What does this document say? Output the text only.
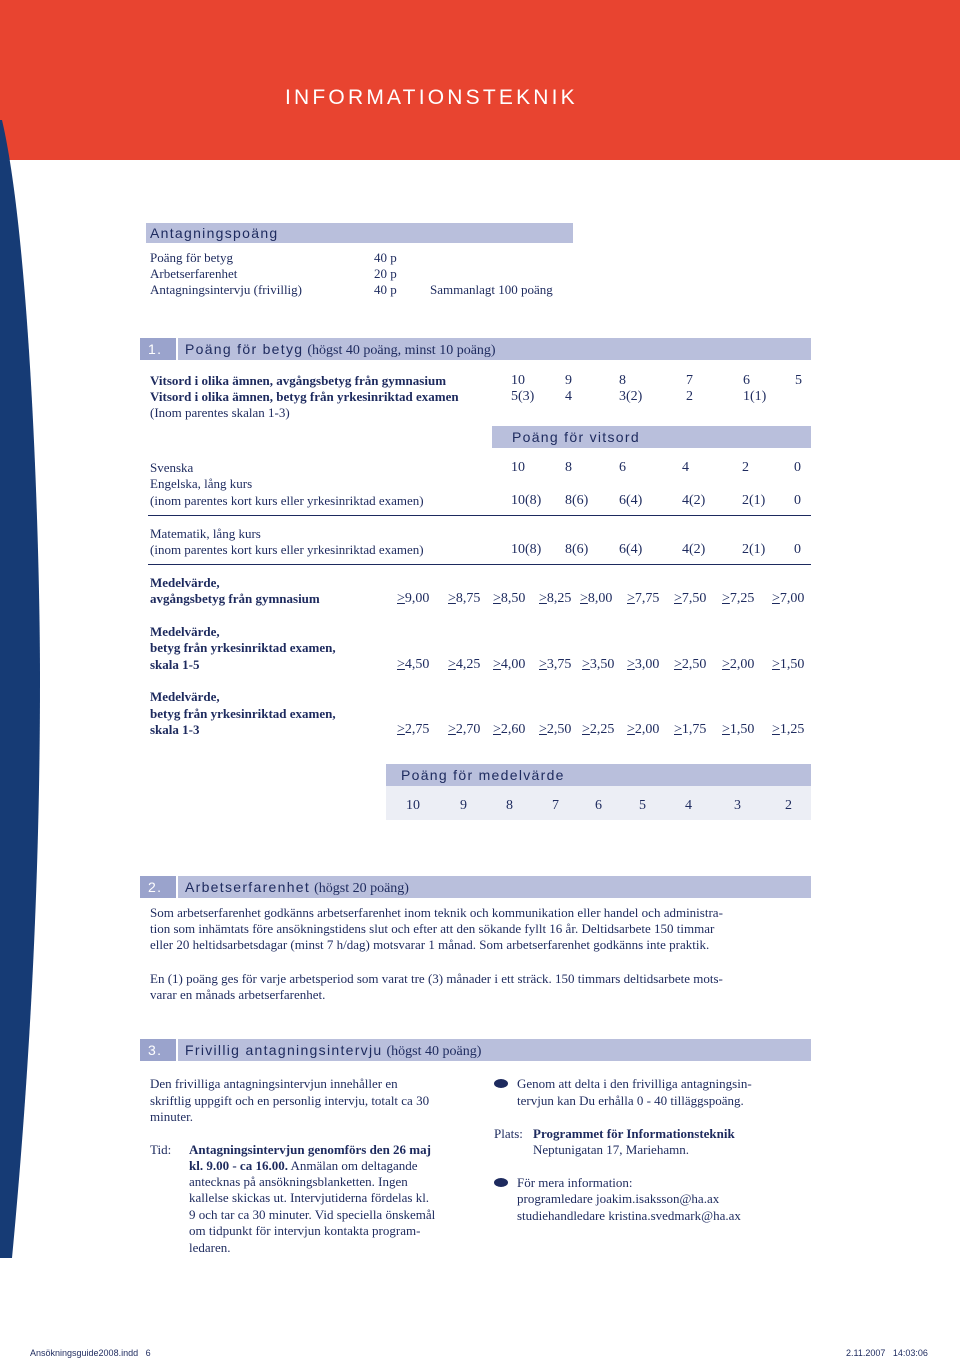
INFORMATIONSTEKNIK
6
Antagningspoäng
Poäng för betyg	40 p
Arbetserfarenhet	20 p
Antagningsintervju (frivillig)	40 p	Sammanlagt 100 poäng
1. Poäng för betyg (högst 40 poäng, minst 10 poäng)
Vitsord i olika ämnen, avgångsbetyg från gymnasium	10	9	8	7	6	5
Vitsord i olika ämnen, betyg från yrkesinriktad examen	5(3) 4	3(2)	2	1(1)
(Inom parentes skalan 1-3)
Poäng för vitsord
Svenska	10	8	6	4	2	0
Engelska, lång kurs
(inom parentes kort kurs eller yrkesinriktad examen)	10(8) 8(6) 6(4)	4(2)	2(1) 0
Matematik, lång kurs
(inom parentes kort kurs eller yrkesinriktad examen)	10(8) 8(6) 6(4)	4(2)	2(1) 0
Medelvärde,
avgångsbetyg från gymnasium	>9,00 >8,75 >8,50 >8,25 >8,00 >7,75 >7,50 >7,25 >7,00
Medelvärde,
betyg från yrkesinriktad examen,
skala 1-5	>4,50 >4,25 >4,00 >3,75 >3,50 >3,00 >2,50 >2,00 >1,50
Medelvärde,
betyg från yrkesinriktad examen,
skala 1-3	>2,75 >2,70 >2,60 >2,50 >2,25 >2,00 >1,75 >1,50 >1,25
Poäng för medelvärde
10	9	8	7	6	5	4	3	2
2. Arbetserfarenhet (högst 20 poäng)
Som arbetserfarenhet godkänns arbetserfarenhet inom teknik och kommunikation eller handel och administra-
tion som inhämtats före ansökningstidens slut och efter att den sökande fyllt 16 år. Deltidsarbete 150 timmar
eller 20 heltidsarbetsdagar (minst 7 h/dag) motsvarar 1 månad. Som arbetserfarenhet godkänns inte praktik.
En (1) poäng ges för varje arbetsperiod som varat tre (3) månader i ett sträck. 150 timmars deltidsarbete mots-
varar en månads arbetserfarenhet.
3. Frivillig antagningsintervju (högst 40 poäng)
Den frivilliga antagningsintervjun innehåller en
skriftlig uppgift och en personlig intervju, totalt ca 30
minuter.
Tid: Antagningsintervjun genomförs den 26 maj
kl. 9.00 - ca 16.00. Anmälan om deltagande
antecknas på ansökningsblanketten. Ingen
kallelse skickas ut. Intervjutiderna fördelas kl.
9 och tar ca 30 minuter. Vid speciella önskemål
om tidpunkt för intervjun kontakta program-
ledaren.
Genom att delta i den frivilliga antagningsin-
tervjun kan Du erhålla 0 - 40 tilläggspoäng.
Plats: Programmet för Informationsteknik
Neptunigatan 17, Mariehamn.
För mera information:
programledare joakim.isaksson@ha.ax
studiehandledare kristina.svedmark@ha.ax
Ansökningsguide2008.indd   6	2.11.2007   14:03:06
